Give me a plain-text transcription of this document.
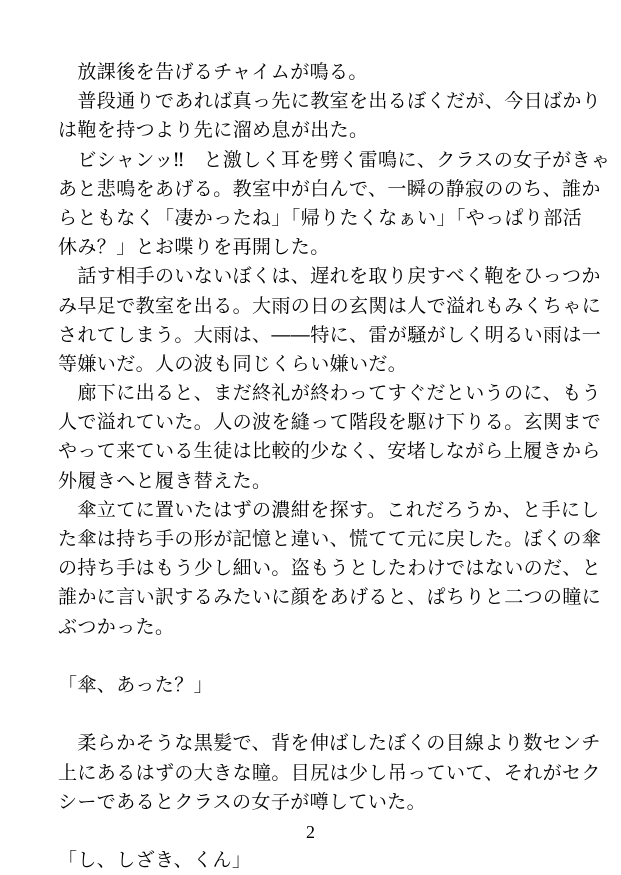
　放課後を告げるチャイムが鳴る。
　普段通りであれば真っ先に教室を出るぼくだが、今日ばかり
は鞄を持つより先に溜め息が出た。
　ビシャンッ‼　と激しく耳を劈く雷鳴に、クラスの女子がきゃ
あと悲鳴をあげる。教室中が白んで、一瞬の静寂ののち、誰か
らともなく「凄かったね」「帰りたくなぁい」「やっぱり部活
休み？」とお喋りを再開した。
　話す相手のいないぼくは、遅れを取り戻すべく鞄をひっつか
み早足で教室を出る。大雨の日の玄関は人で溢れもみくちゃに
されてしまう。大雨は、――特に、雷が騒がしく明るい雨は一
等嫌いだ。人の波も同じくらい嫌いだ。
　廊下に出ると、まだ終礼が終わってすぐだというのに、もう
人で溢れていた。人の波を縫って階段を駆け下りる。玄関まで
やって来ている生徒は比較的少なく、安堵しながら上履きから
外履きへと履き替えた。
　傘立てに置いたはずの濃紺を探す。これだろうか、と手にし
た傘は持ち手の形が記憶と違い、慌てて元に戻した。ぼくの傘
の持ち手はもう少し細い。盗もうとしたわけではないのだ、と
誰かに言い訳するみたいに顔をあげると、ぱちりと二つの瞳に
ぶつかった。
「傘、あった？」
　柔らかそうな黒髪で、背を伸ばしたぼくの目線より数センチ
上にあるはずの大きな瞳。目尻は少し吊っていて、それがセク
シーであるとクラスの女子が噂していた。
「し、しざき、くん」
2
